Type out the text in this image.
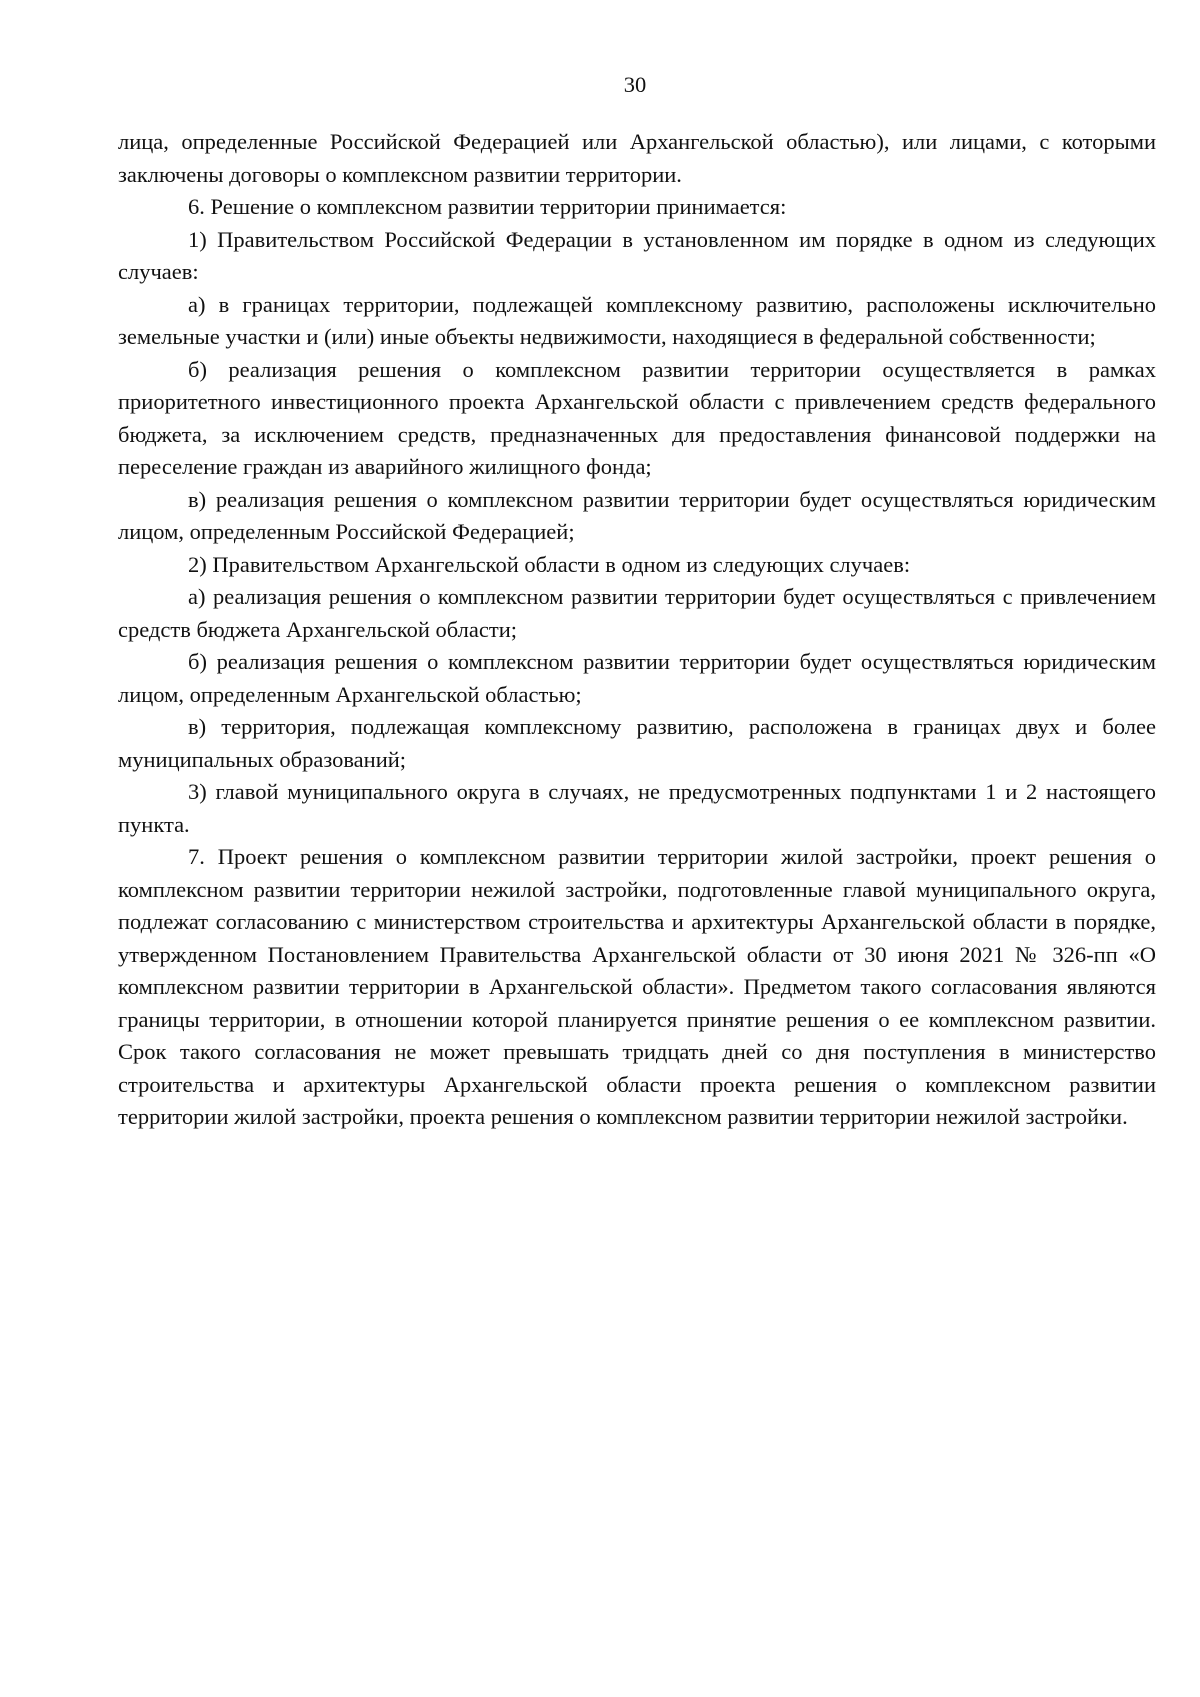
30

лица, определенные Российской Федерацией или Архангельской областью), или лицами, с которыми заключены договоры о комплексном развитии территории.

6. Решение о комплексном развитии территории принимается:

1) Правительством Российской Федерации в установленном им порядке в одном из следующих случаев:

а) в границах территории, подлежащей комплексному развитию, расположены исключительно земельные участки и (или) иные объекты недвижимости, находящиеся в федеральной собственности;

б) реализация решения о комплексном развитии территории осуществляется в рамках приоритетного инвестиционного проекта Архангельской области с привлечением средств федерального бюджета, за исключением средств, предназначенных для предоставления финансовой поддержки на переселение граждан из аварийного жилищного фонда;

в) реализация решения о комплексном развитии территории будет осуществляться юридическим лицом, определенным Российской Федерацией;

2) Правительством Архангельской области в одном из следующих случаев:

а) реализация решения о комплексном развитии территории будет осуществляться с привлечением средств бюджета Архангельской области;

б) реализация решения о комплексном развитии территории будет осуществляться юридическим лицом, определенным Архангельской областью;

в) территория, подлежащая комплексному развитию, расположена в границах двух и более муниципальных образований;

3) главой муниципального округа в случаях, не предусмотренных подпунктами 1 и 2 настоящего пункта.

7. Проект решения о комплексном развитии территории жилой застройки, проект решения о комплексном развитии территории нежилой застройки, подготовленные главой муниципального округа, подлежат согласованию с министерством строительства и архитектуры Архангельской области в порядке, утвержденном Постановлением Правительства Архангельской области от 30 июня 2021 № 326-пп «О комплексном развитии территории в Архангельской области». Предметом такого согласования являются границы территории, в отношении которой планируется принятие решения о ее комплексном развитии. Срок такого согласования не может превышать тридцать дней со дня поступления в министерство строительства и архитектуры Архангельской области проекта решения о комплексном развитии территории жилой застройки, проекта решения о комплексном развитии территории нежилой застройки.
